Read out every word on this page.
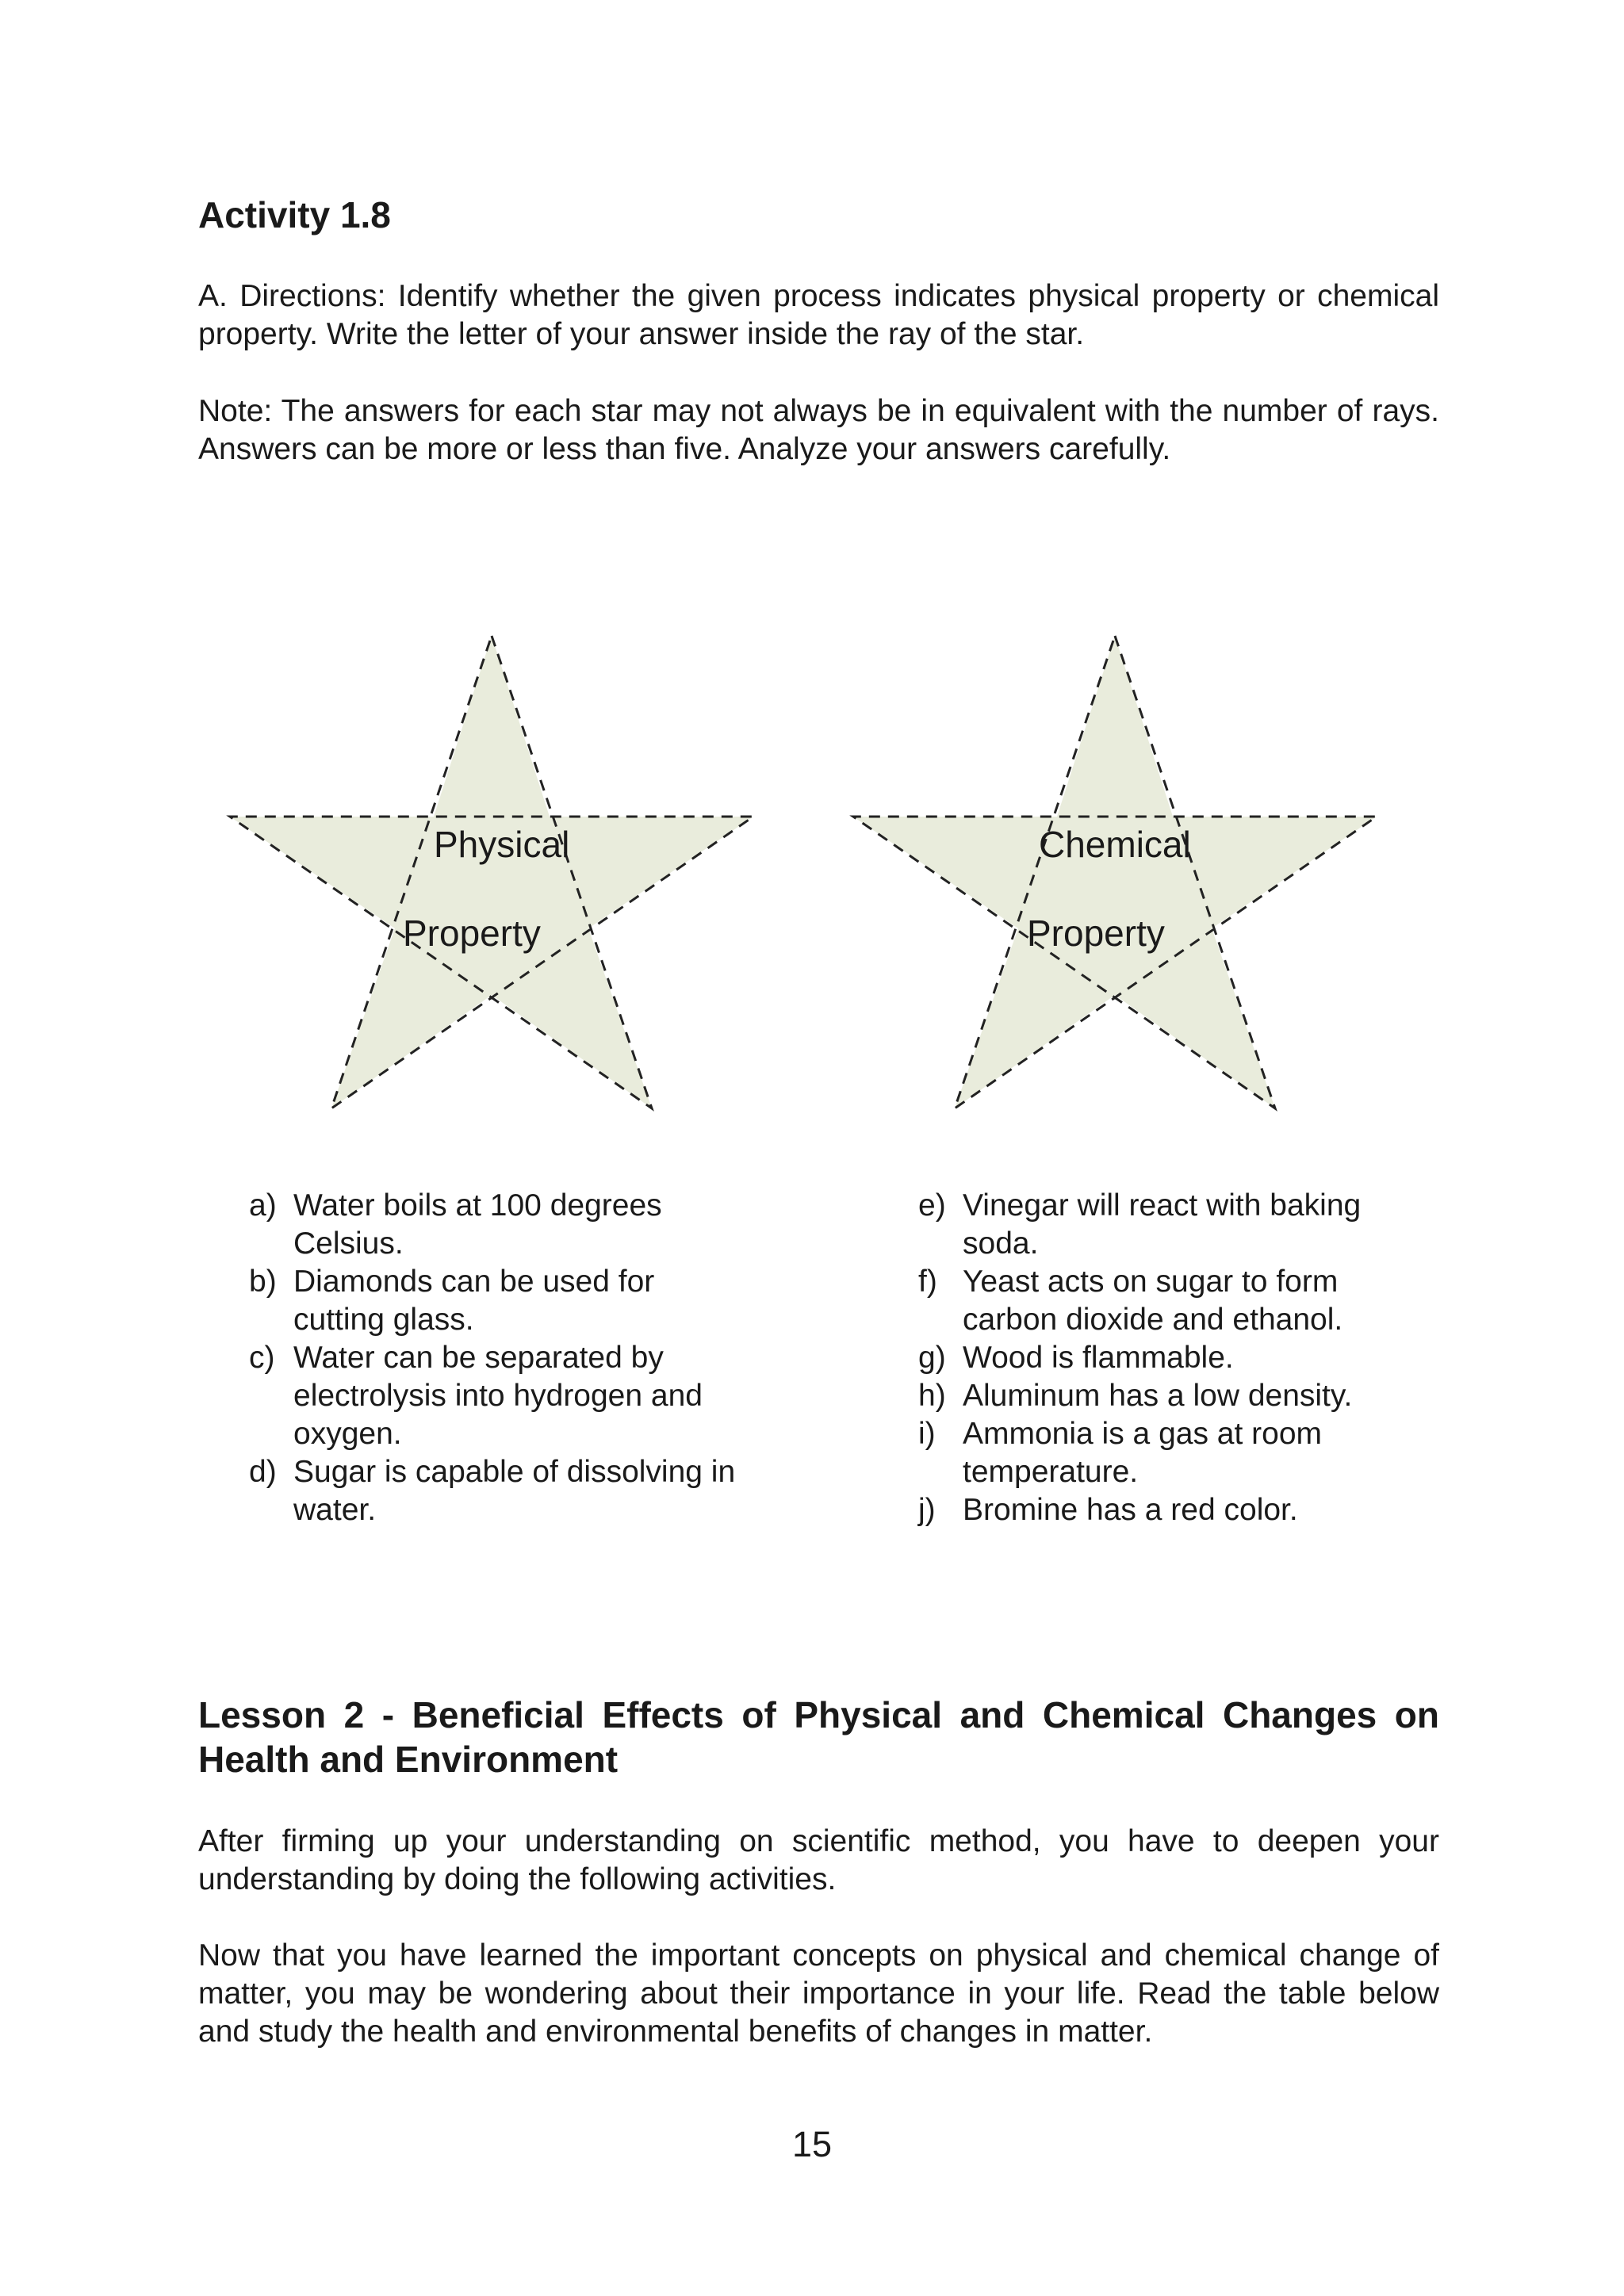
Activity 1.8

A. Directions: Identify whether the given process indicates physical property or chemical property. Write the letter of your answer inside the ray of the star.

Note: The answers for each star may not always be in equivalent with the number of rays. Answers can be more or less than five. Analyze your answers carefully.

Physical
Property
Chemical
Property
a) Water boils at 100 degrees
Celsius.
b) Diamonds can be used for
cutting glass.
c) Water can be separated by
electrolysis into hydrogen and
oxygen.
d) Sugar is capable of dissolving in
water.
e) Vinegar will react with baking
soda.
f) Yeast acts on sugar to form
carbon dioxide and ethanol.
g) Wood is flammable.
h) Aluminum has a low density.
i) Ammonia is a gas at room
temperature.
j) Bromine has a red color.
Lesson 2 - Beneficial Effects of Physical and Chemical Changes on Health and Environment

After firming up your understanding on scientific method, you have to deepen your understanding by doing the following activities.

Now that you have learned the important concepts on physical and chemical change of matter, you may be wondering about their importance in your life. Read the table below and study the health and environmental benefits of changes in matter.

15
